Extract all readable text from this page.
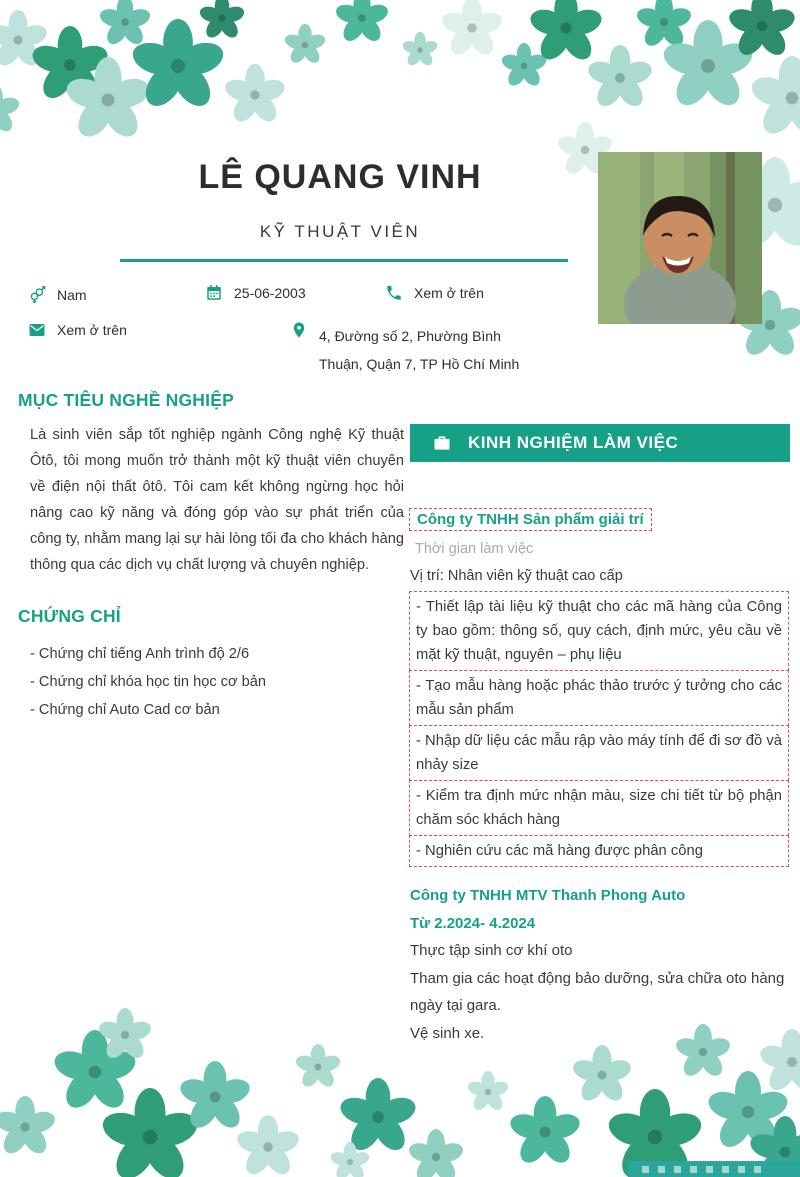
LÊ QUANG VINH
KỸ THUẬT VIÊN
Nam	25-06-2003	Xem ở trên
Xem ở trên	4, Đường số 2, Phường Bình Thuận, Quận 7, TP Hồ Chí Minh
MỤC TIÊU NGHỀ NGHIỆP
Là sinh viên sắp tốt nghiệp ngành Công nghệ Kỹ thuật Ôtô, tôi mong muốn trở thành một kỹ thuật viên chuyên về điện nội thất ôtô. Tôi cam kết không ngừng học hỏi nâng cao kỹ năng và đóng góp vào sự phát triển của công ty, nhằm mang lại sự hài lòng tối đa cho khách hàng thông qua các dịch vụ chất lượng và chuyên nghiệp.
CHỨNG CHỈ
- Chứng chỉ tiếng Anh trình độ 2/6
- Chứng chỉ khóa học tin học cơ bản
- Chứng chỉ Auto Cad cơ bản
KINH NGHIỆM LÀM VIỆC
Công ty TNHH Sản phẩm giải trí
Thời gian làm việc
Vị trí: Nhân viên kỹ thuật cao cấp
- Thiết lập tài liệu kỹ thuật cho các mã hàng của Công ty bao gồm: thông số, quy cách, định mức, yêu cầu về mặt kỹ thuật, nguyên – phụ liệu
- Tạo mẫu hàng hoặc phác thảo trước ý tưởng cho các mẫu sản phẩm
- Nhập dữ liệu các mẫu rập vào máy tính để đi sơ đồ và nhảy size
- Kiểm tra định mức nhận màu, size chi tiết từ bộ phận chăm sóc khách hàng
- Nghiên cứu các mã hàng được phân công
Công ty TNHH MTV Thanh Phong Auto
Từ 2.2024- 4.2024
Thực tập sinh cơ khí oto
Tham gia các hoạt động bảo dưỡng, sửa chữa oto hàng ngày tại gara.
Vệ sinh xe.
